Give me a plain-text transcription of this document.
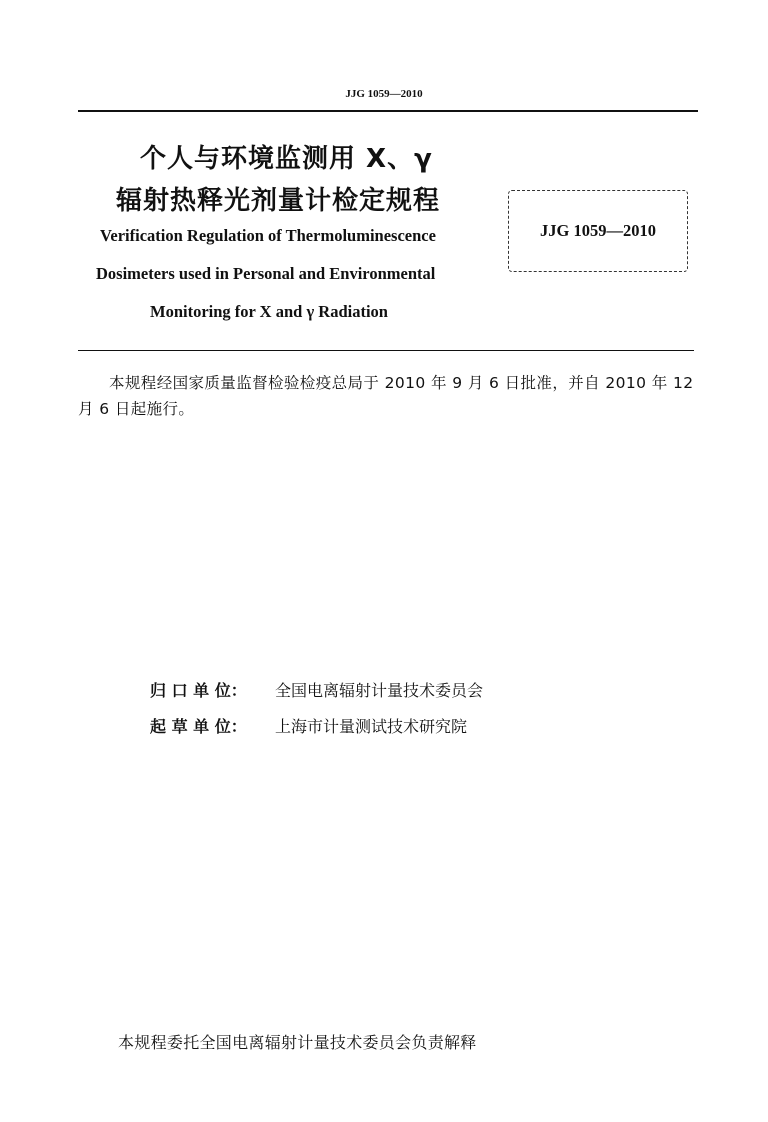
JJG 1059—2010
个人与环境监测用 X、γ
辐射热释光剂量计检定规程
Verification Regulation of Thermoluminescence
Dosimeters used in Personal and Environmental
Monitoring for X and γ Radiation
JJG 1059—2010
本规程经国家质量监督检验检疫总局于 2010 年 9 月 6 日批准，并自 2010 年 12 月 6 日起施行。
归 口 单 位： 全国电离辐射计量技术委员会
起 草 单 位： 上海市计量测试技术研究院
本规程委托全国电离辐射计量技术委员会负责解释
